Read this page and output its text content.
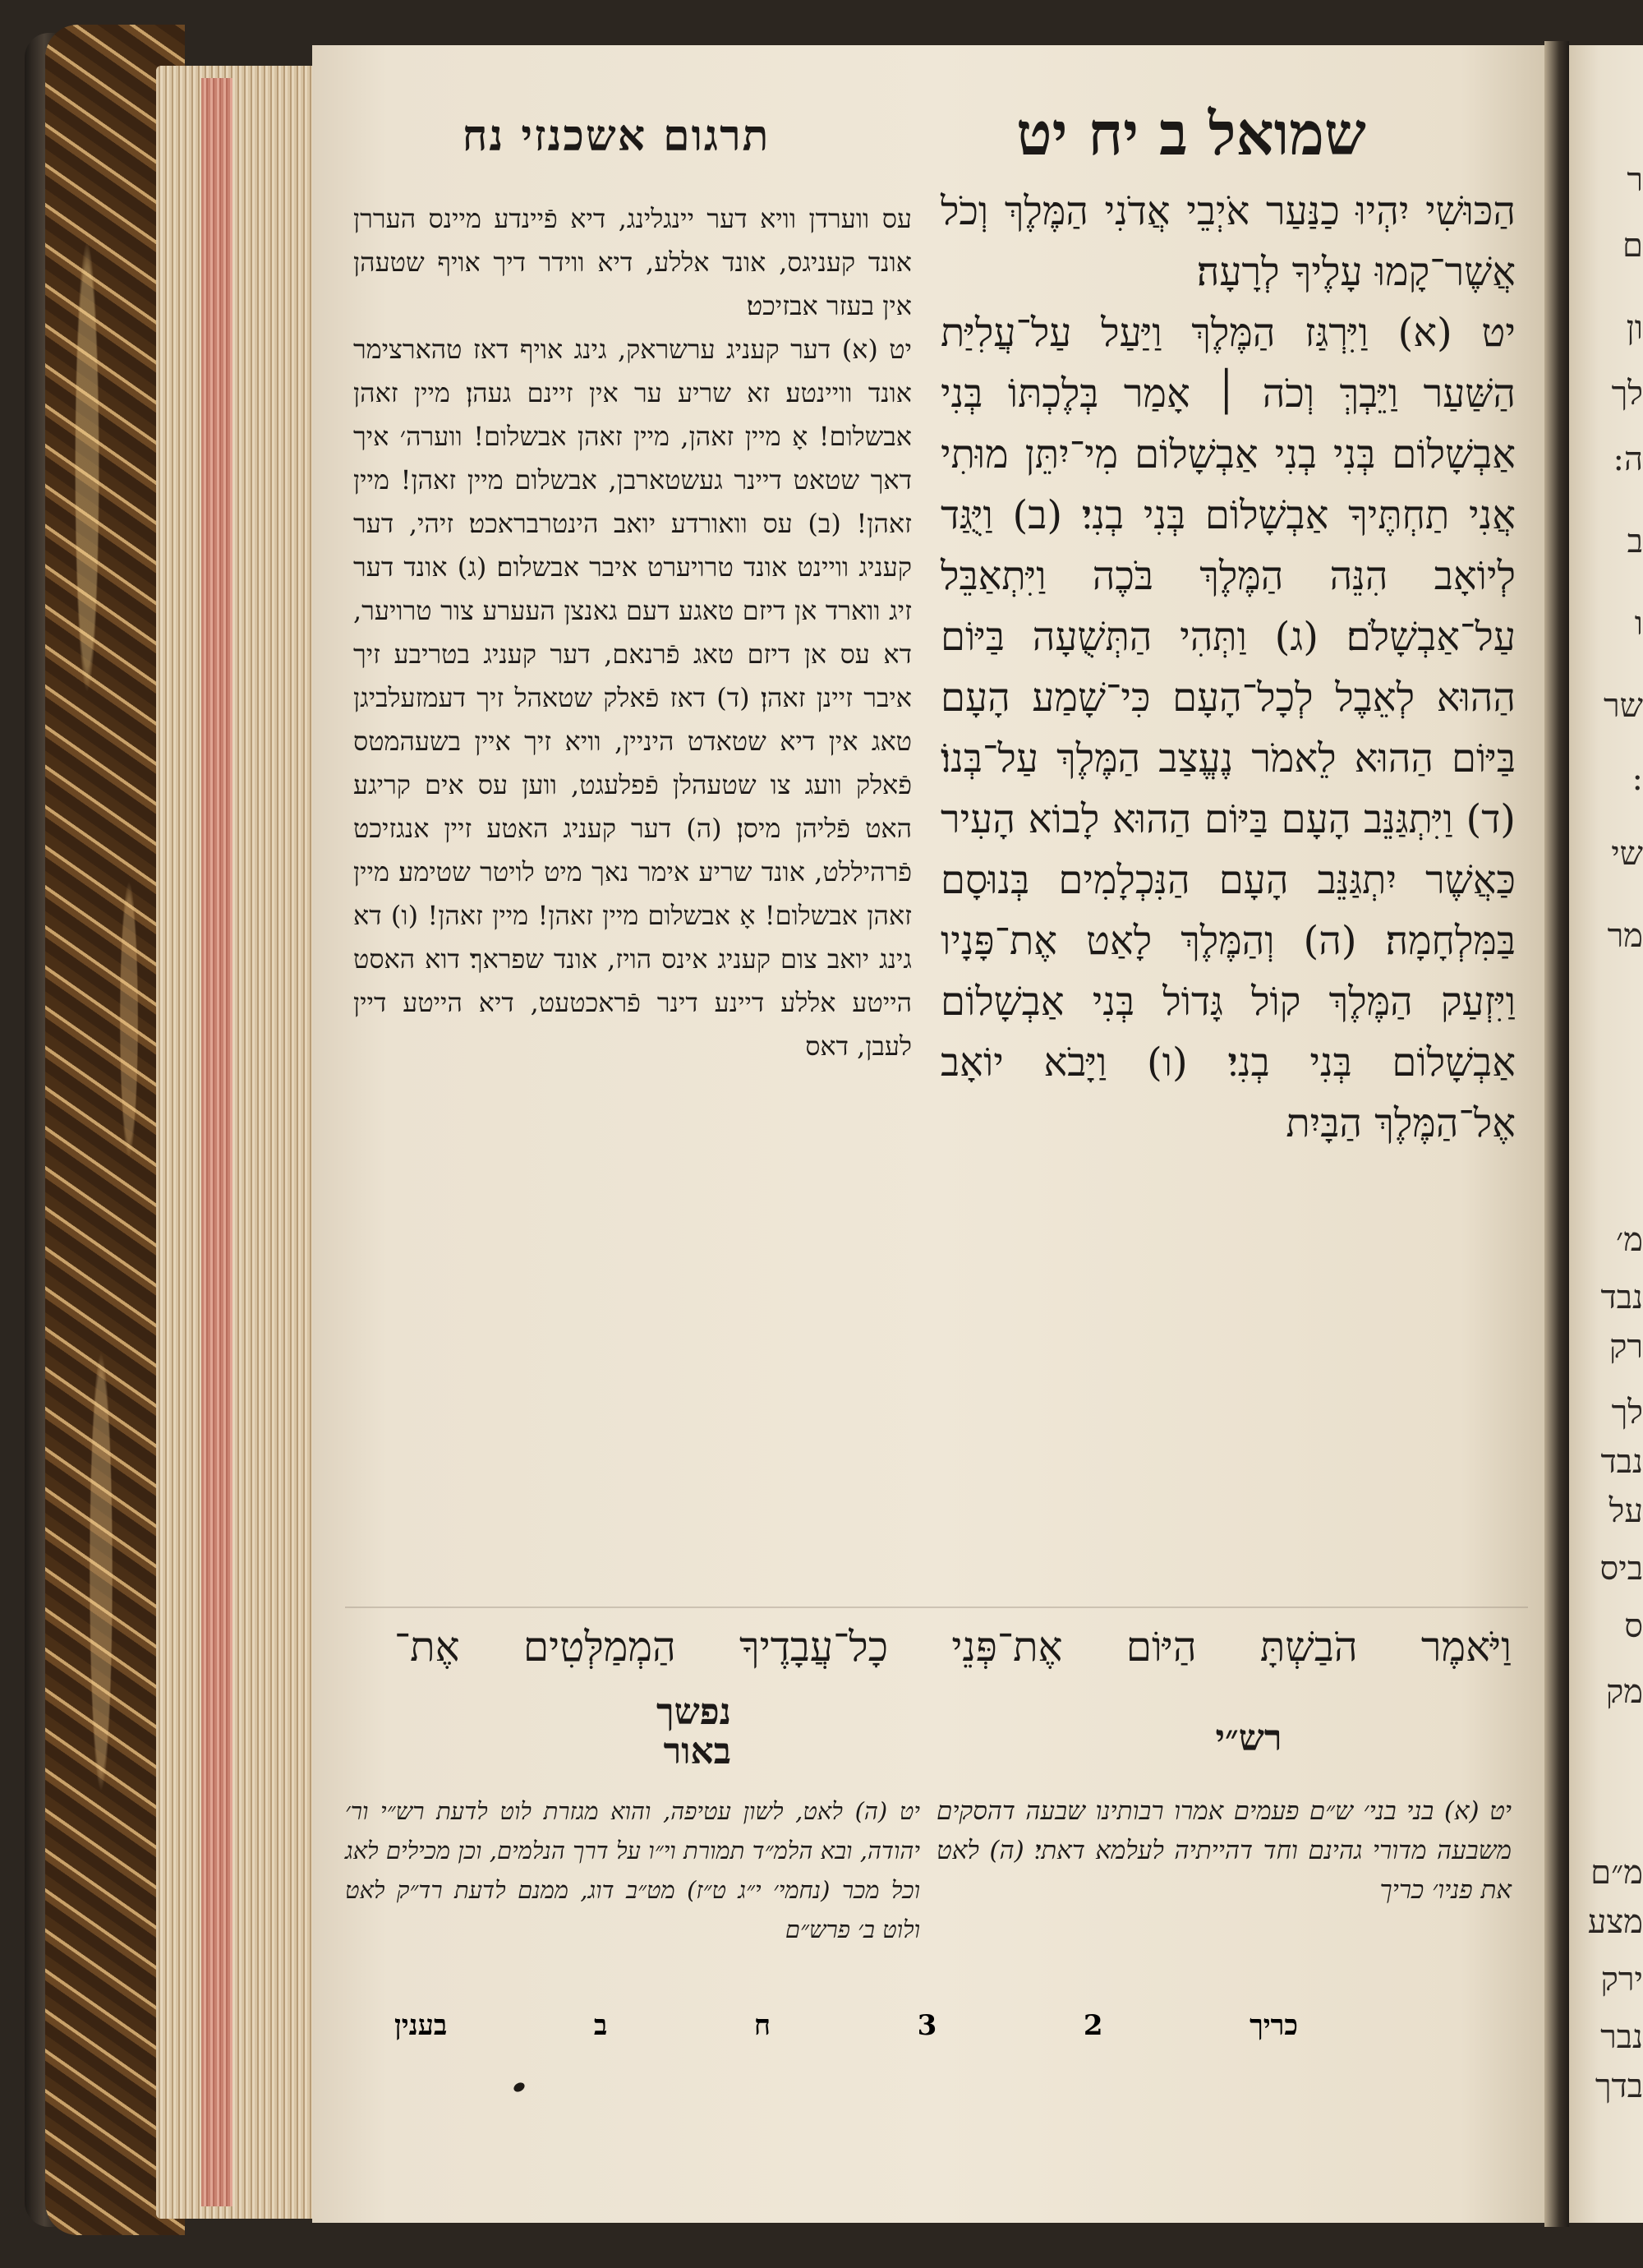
ר
ם
ון
לך
ה:
ב
ו
שר
:
שי
מר
מ׳
נבד
רק
לך
נבד
על
ביס
ס
מק
מ״ם
מצע
ירק
נבר
בדך
תרגום אשכנזי נח	שמואל ב יח יט

הַכּוּשִׁי יִהְיוּ כַנַּעַר אֹיְבֵי אֲדֹנִי הַמֶּלֶךְ וְכֹל אֲשֶׁר־קָמוּ עָלֶיךָ לְרָעָה׃

יט (א) וַיִּרְגַּז הַמֶּלֶךְ וַיַּעַל עַל־עֲלִיַּת הַשַּׁעַר וַיֵּבְךְּ וְכֹה ׀ אָמַר בְּלֶכְתּוֹ בְּנִי אַבְשָׁלוֹם בְּנִי בְנִי אַבְשָׁלוֹם מִי־יִתֵּן מוּתִי אֲנִי תַחְתֶּיךָ אַבְשָׁלוֹם בְּנִי בְנִי׃ (ב) וַיֻּגַּד לְיוֹאָב הִנֵּה הַמֶּלֶךְ בֹּכֶה וַיִּתְאַבֵּל עַל־אַבְשָׁלֹם׃ (ג) וַתְּהִי הַתְּשֻׁעָה בַּיּוֹם הַהוּא לְאֵבֶל לְכָל־הָעָם כִּי־שָׁמַע הָעָם בַּיּוֹם הַהוּא לֵאמֹר נֶעֱצַב הַמֶּלֶךְ עַל־בְּנוֹ׃ (ד) וַיִּתְגַּנֵּב הָעָם בַּיּוֹם הַהוּא לָבוֹא הָעִיר כַּאֲשֶׁר יִתְגַּנֵּב הָעָם הַנִּכְלָמִים בְּנוּסָם בַּמִּלְחָמָה׃ (ה) וְהַמֶּלֶךְ לָאַט אֶת־פָּנָיו וַיִּזְעַק הַמֶּלֶךְ קוֹל גָּדוֹל בְּנִי אַבְשָׁלוֹם אַבְשָׁלוֹם בְּנִי בְנִי׃ (ו) וַיָּבֹא יוֹאָב אֶל־הַמֶּלֶךְ הַבָּיִת

עס ווערדן וויא דער יינגלינג, דיא פֿיינדע מיינס העררן אונד קעניגס, אונד אללע, דיא ווידר דיך אויף שטעהן אין בעזר אבזיכט׃

יט (א) דער קעניג ערשראק, גינג אויף דאז טהארצימר אונד וויינטע׃ זא שריע ער אין זיינם געהן׃ מיין זאהן אבשלום! אָ מיין זאהן, מיין זאהן אבשלום! ווערה׳ איך דאך שטאט דיינר געשטארבן, אבשלום מיין זאהן! מיין זאהן! (ב) עס וואורדע יואב הינטרבראכט׃ זיהי, דער קעניג וויינט אונד טרויערט איבר אבשלום׃ (ג) אונד דער זיג ווארד אן דיזם טאגע דעם גאנצן העערע צור טרויער, דא עס אן דיזם טאג פֿרנאם, דער קעניג בטריבע זיך איבר זיינן זאהן׃ (ד) דאז פֿאלק שטאהל זיך דעמזעלביגן טאג אין דיא שטאדט היניין, וויא זיך איין בשעהמטס פֿאלק וועג צו שטעהלן פֿפלעגט, ווען עס אים קריגע האט פֿליהן מיסן׃ (ה) דער קעניג האטע זיין אנגזיכט פֿרהיללט, אונד שריע אימר נאך מיט לויטר שטימע׃ מיין זאהן אבשלום! אָ אבשלום מיין זאהן! מיין זאהן! (ו) דא גינג יואב צום קעניג אינס הויז, אונד שפראך׃ דוא האסט הייטע אללע דיינע דינר פֿראכטעט, דיא הייטע דיין לעבן, דאס

וַיֹּאמֶר הֹבַשְׁתָּ הַיּוֹם אֶת־פְּנֵי כָל־עֲבָדֶיךָ הַמְמַלְּטִים אֶת־
רש״י
נפשך
באור
יט (א) בני בני׳ ש״ם פעמים אמרו רבותינו שבעה דהסקים משבעה מדורי גהינם וחד דהייתיה לעלמא דאתי׃ (ה) לאט את פניו׳ כריך
יט (ה) לאט, לשון עטיפה, והוא מגזרת לוט לדעת רש״י ור׳ יהודה, ובא הלמ״ד תמורת וי״ו על דרך הנלמים, וכן מכילים לאג וכל מכר (נחמי׳ י״ג ט״ז) מט״ב דוג, ממנם לדעת רד״ק לאט ולוט ב׳ פרש״ם
כריך
2
3
ח
ב
בענין
